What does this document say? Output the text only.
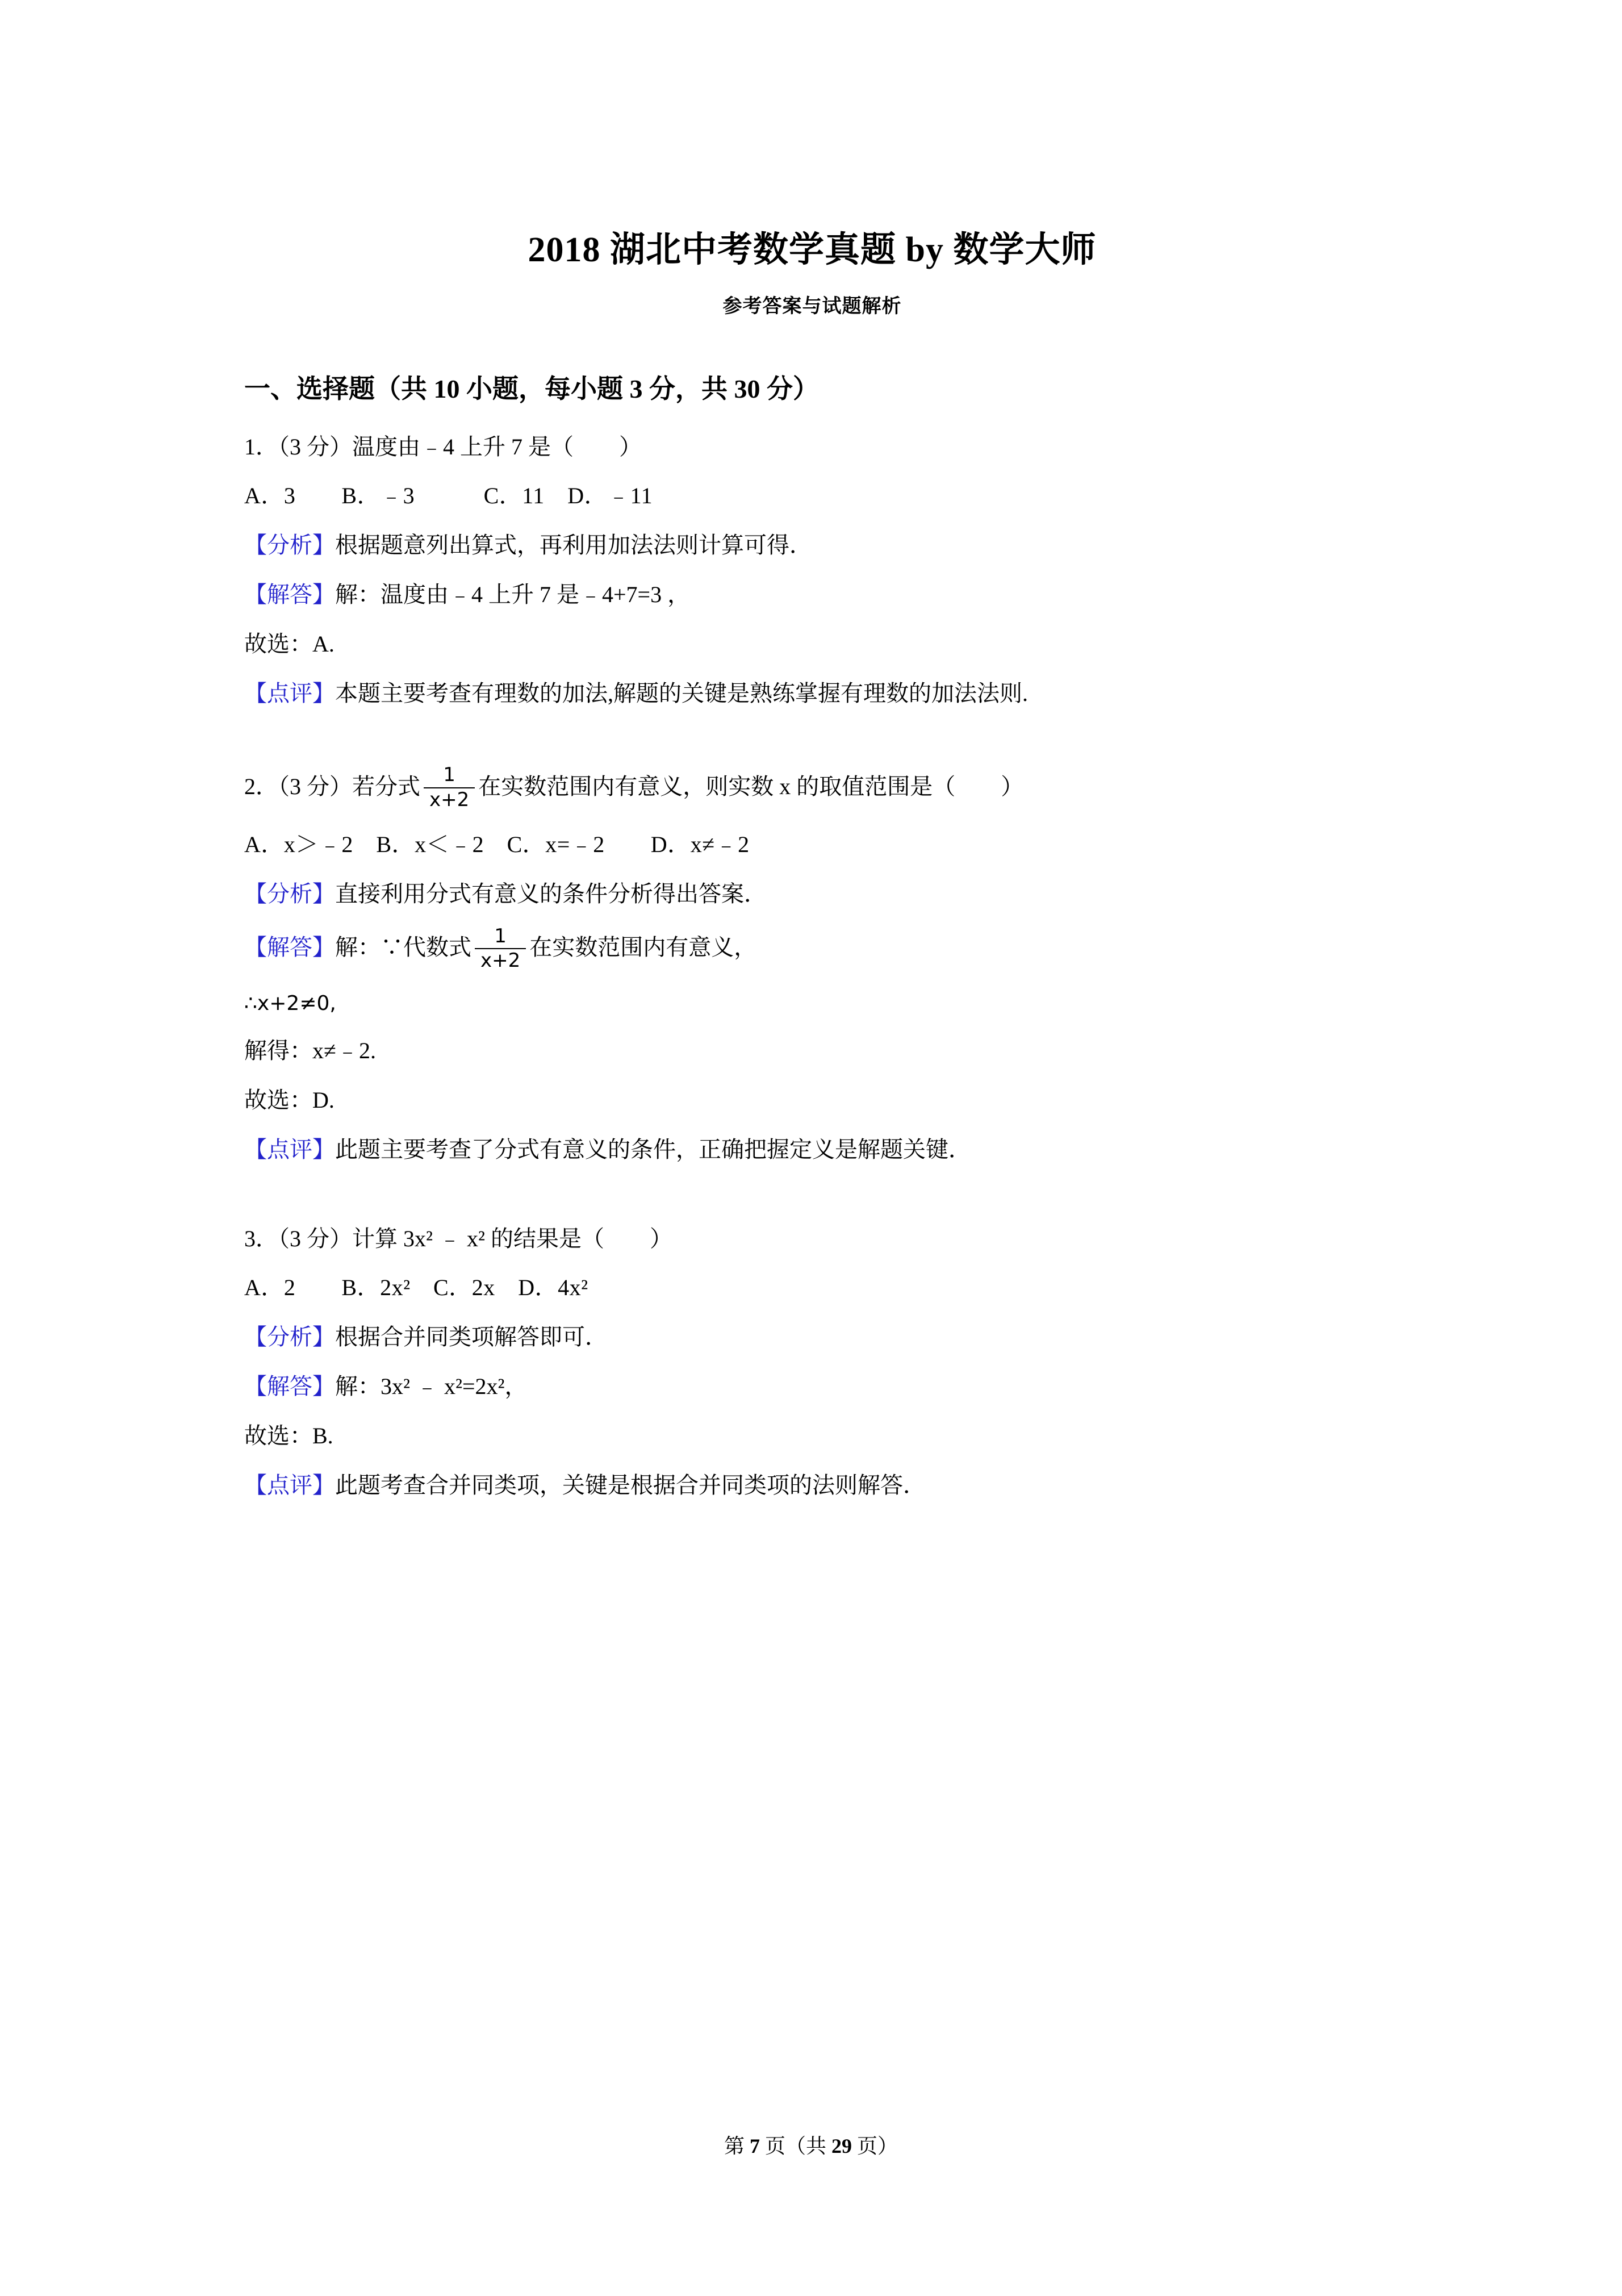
2018 湖北中考数学真题 by 数学大师
参考答案与试题解析
一、选择题（共 10 小题，每小题 3 分，共 30 分）

1．（3 分）温度由﹣4 上升 7 是（　　）

A．3　　B．﹣3　　　C．11　D．﹣11

【分析】根据题意列出算式，再利用加法法则计算可得．

【解答】解：温度由﹣4 上升 7 是﹣4+7=3 ，

故选：A.

【点评】本题主要考查有理数的加法,解题的关键是熟练掌握有理数的加法法则.

2．（3 分）若分式 $\frac{1}{x+2}$ 在实数范围内有意义，则实数 x 的取值范围是（　　）

A．x＞﹣2　B．x＜﹣2　C．x=﹣2　　D．x≠﹣2

【分析】直接利用分式有意义的条件分析得出答案．

【解答】解：∵代数式 $\frac{1}{x+2}$ 在实数范围内有意义，

∴x+2≠0,

解得：x≠﹣2.

故选：D.

【点评】此题主要考查了分式有意义的条件，正确把握定义是解题关键．

3．（3 分）计算 3x² ﹣ x² 的结果是（　　）

A．2　　B．2x²　C．2x　D．4x²

【分析】根据合并同类项解答即可．

【解答】解：3x² ﹣ x²=2x²，

故选：B.

【点评】此题考查合并同类项，关键是根据合并同类项的法则解答．

第 7 页（共 29 页）
